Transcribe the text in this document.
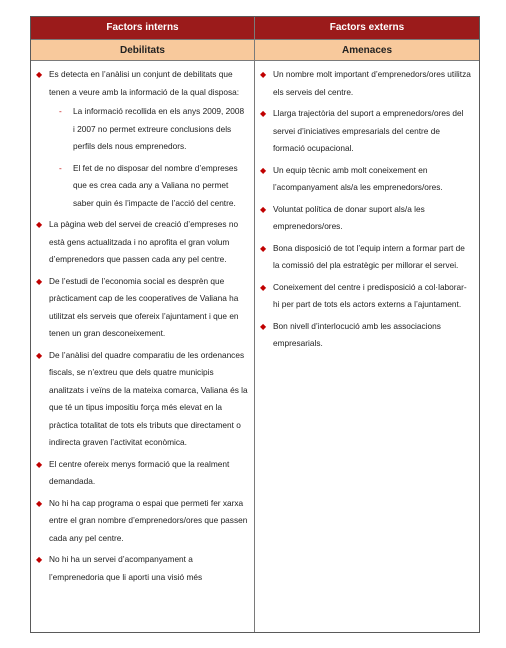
Factors interns	Factors externs
Debilitats	Amenaces
◆ Es detecta en l’anàlisi un conjunt de debilitats que tenen a veure amb la informació de la qual disposa:
- La informació recollida en els anys 2009, 2008 i 2007 no permet extreure conclusions dels perfils dels nous emprenedors.
- El fet de no disposar del nombre d’empreses que es crea cada any a Valiana no permet saber quin és l’impacte de l’acció del centre.
◆ La pàgina web del servei de creació d’empreses no està gens actualitzada i no aprofita el gran volum d’emprenedors que passen cada any pel centre.
◆ De l’estudi de l’economia social es desprèn que pràcticament cap de les cooperatives de Valiana ha utilitzat els serveis que ofereix l’ajuntament i que en tenen un gran desconeixement.
◆ De l’anàlisi del quadre comparatiu de les ordenances fiscals, se n’extreu que dels quatre municipis analitzats i veïns de la mateixa comarca, Valiana és la que té un tipus impositiu força més elevat en la pràctica totalitat de tots els tributs que directament o indirecta graven l’activitat econòmica.
◆ El centre ofereix menys formació que la realment demandada.
◆ No hi ha cap programa o espai que permeti fer xarxa entre el gran nombre d’emprenedors/ores que passen cada any pel centre.
◆ No hi ha un servei d’acompanyament a l’emprenedoria que li aporti una visió més
◆ Un nombre molt important d’emprenedors/ores utilitza els serveis del centre.
◆ Llarga trajectòria del suport a emprenedors/ores del servei d’iniciatives empresarials del centre de formació ocupacional.
◆ Un equip tècnic amb molt coneixement en l’acompanyament als/a les emprenedors/ores.
◆ Voluntat política de donar suport als/a les emprenedors/ores.
◆ Bona disposició de tot l’equip intern a formar part de la comissió del pla estratègic per millorar el servei.
◆ Coneixement del centre i predisposició a col·laborar-hi per part de tots els actors externs a l’ajuntament.
◆ Bon nivell d’interlocució amb les associacions empresarials.
